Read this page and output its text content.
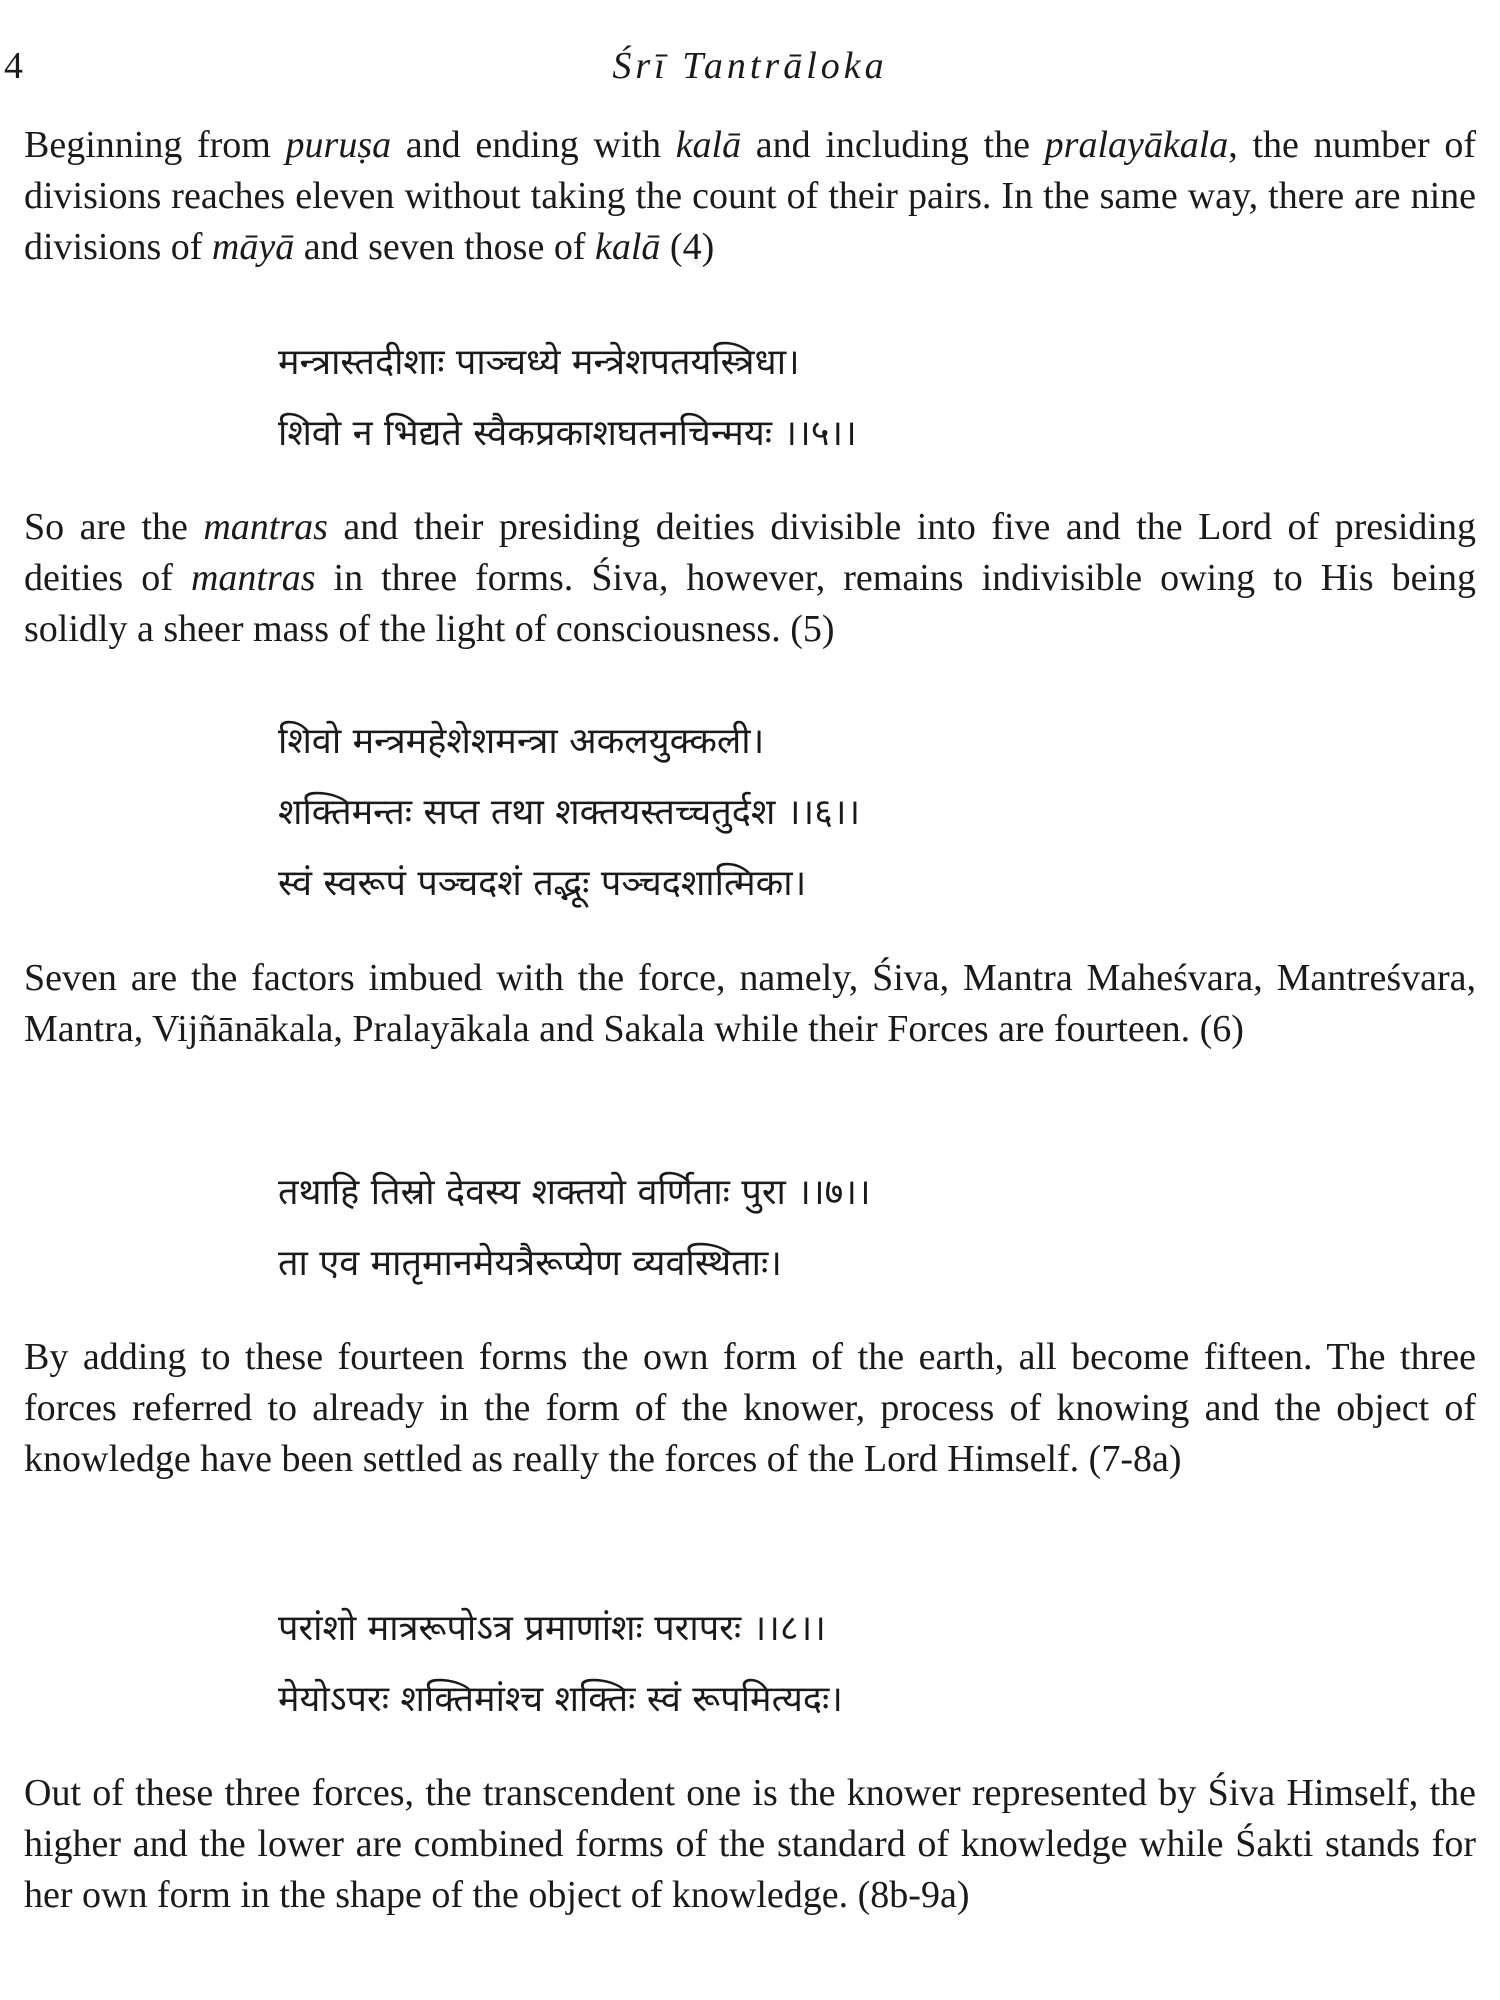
4	Śrī Tantrāloka

Beginning from puruṣa and ending with kalā and including the pralayākala, the number of divisions reaches eleven without taking the count of their pairs. In the same way, there are nine divisions of māyā and seven those of kalā (4)

मन्त्रास्तदीशाः पाञ्चध्ये मन्त्रेशपतयस्त्रिधा।
शिवो न भिद्यते स्वैकप्रकाशघतनचिन्मयः ।।५।।

So are the mantras and their presiding deities divisible into five and the Lord of presiding deities of mantras in three forms. Śiva, however, remains indivisible owing to His being solidly a sheer mass of the light of consciousness. (5)

शिवो मन्त्रमहेशेशमन्त्रा अकलयुक्कली।
शक्तिमन्तः सप्त तथा शक्तयस्तच्चतुर्दश ।।६।।
स्वं स्वरूपं पञ्चदशं तद्भूः पञ्चदशात्मिका।

Seven are the factors imbued with the force, namely, Śiva, Mantra Maheśvara, Mantreśvara, Mantra, Vijñānākala, Pralayākala and Sakala while their Forces are fourteen. (6)

तथाहि तिस्रो देवस्य शक्तयो वर्णिताः पुरा ।।७।।
ता एव मातृमानमेयत्रैरूप्येण व्यवस्थिताः।

By adding to these fourteen forms the own form of the earth, all become fifteen. The three forces referred to already in the form of the knower, process of knowing and the object of knowledge have been settled as really the forces of the Lord Himself. (7-8a)

परांशो मात्ररूपोऽत्र प्रमाणांशः परापरः ।।८।।
मेयोऽपरः शक्तिमांश्च शक्तिः स्वं रूपमित्यदः।

Out of these three forces, the transcendent one is the knower represented by Śiva Himself, the higher and the lower are combined forms of the standard of knowledge while Śakti stands for her own form in the shape of the object of knowledge. (8b-9a)
